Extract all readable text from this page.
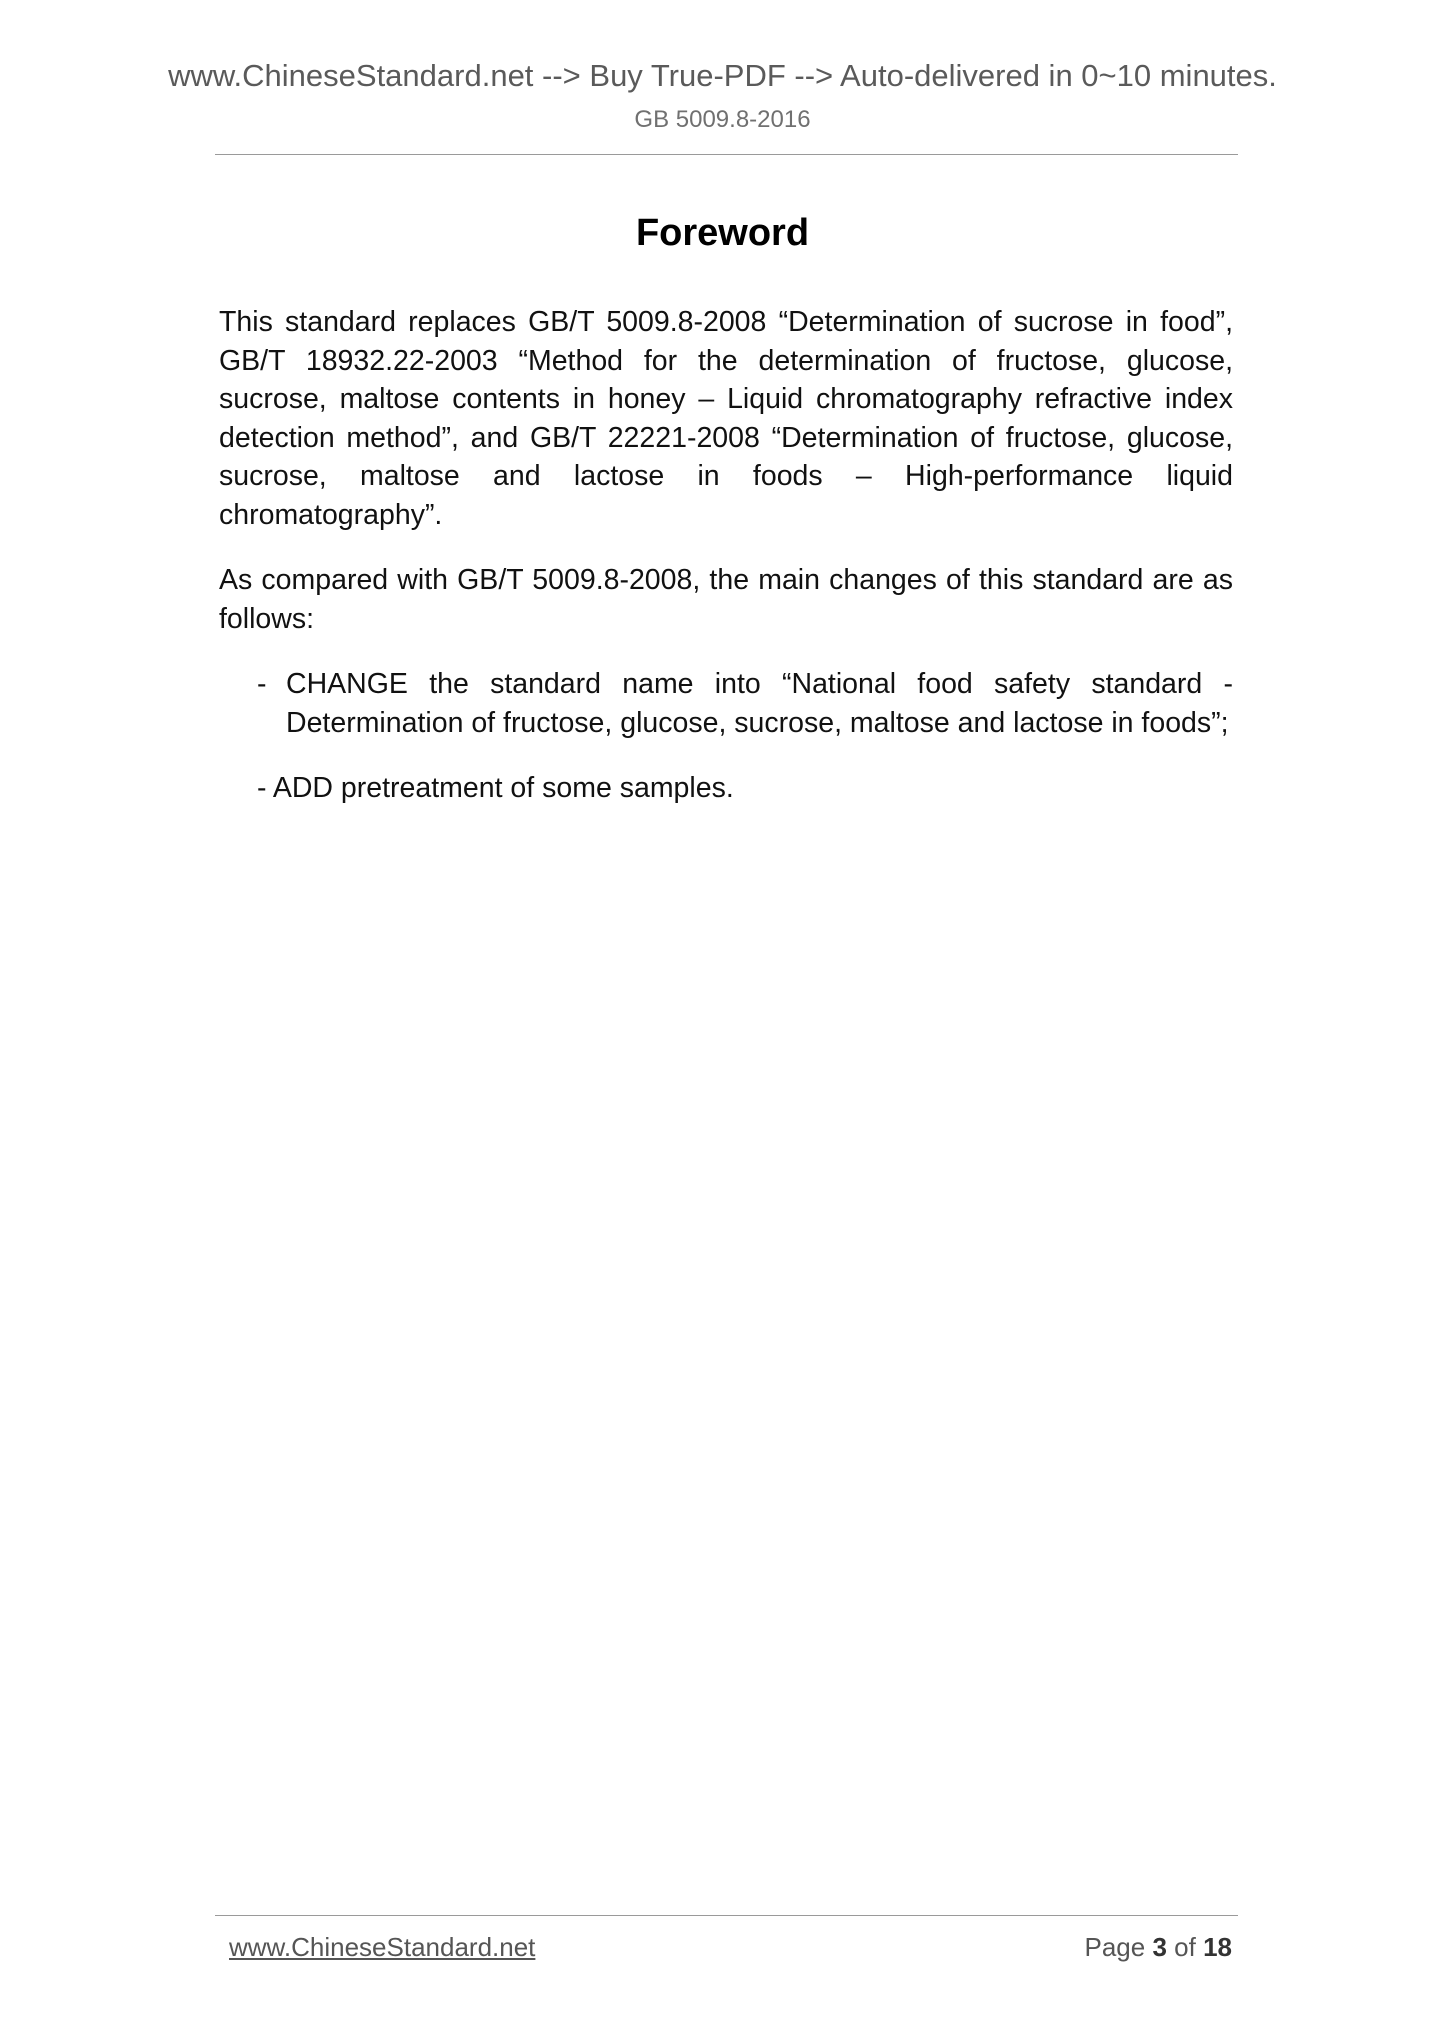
www.ChineseStandard.net --> Buy True-PDF --> Auto-delivered in 0~10 minutes.
GB 5009.8-2016
Foreword

This standard replaces GB/T 5009.8-2008 “Determination of sucrose in food”, GB/T 18932.22-2003 “Method for the determination of fructose, glucose, sucrose, maltose contents in honey – Liquid chromatography refractive index detection method”, and GB/T 22221-2008 “Determination of fructose, glucose, sucrose, maltose and lactose in foods – High-performance liquid chromatography”.

As compared with GB/T 5009.8-2008, the main changes of this standard are as follows:

- CHANGE the standard name into “National food safety standard - Determination of fructose, glucose, sucrose, maltose and lactose in foods”;
- ADD pretreatment of some samples.
www.ChineseStandard.net	Page 3 of 18
